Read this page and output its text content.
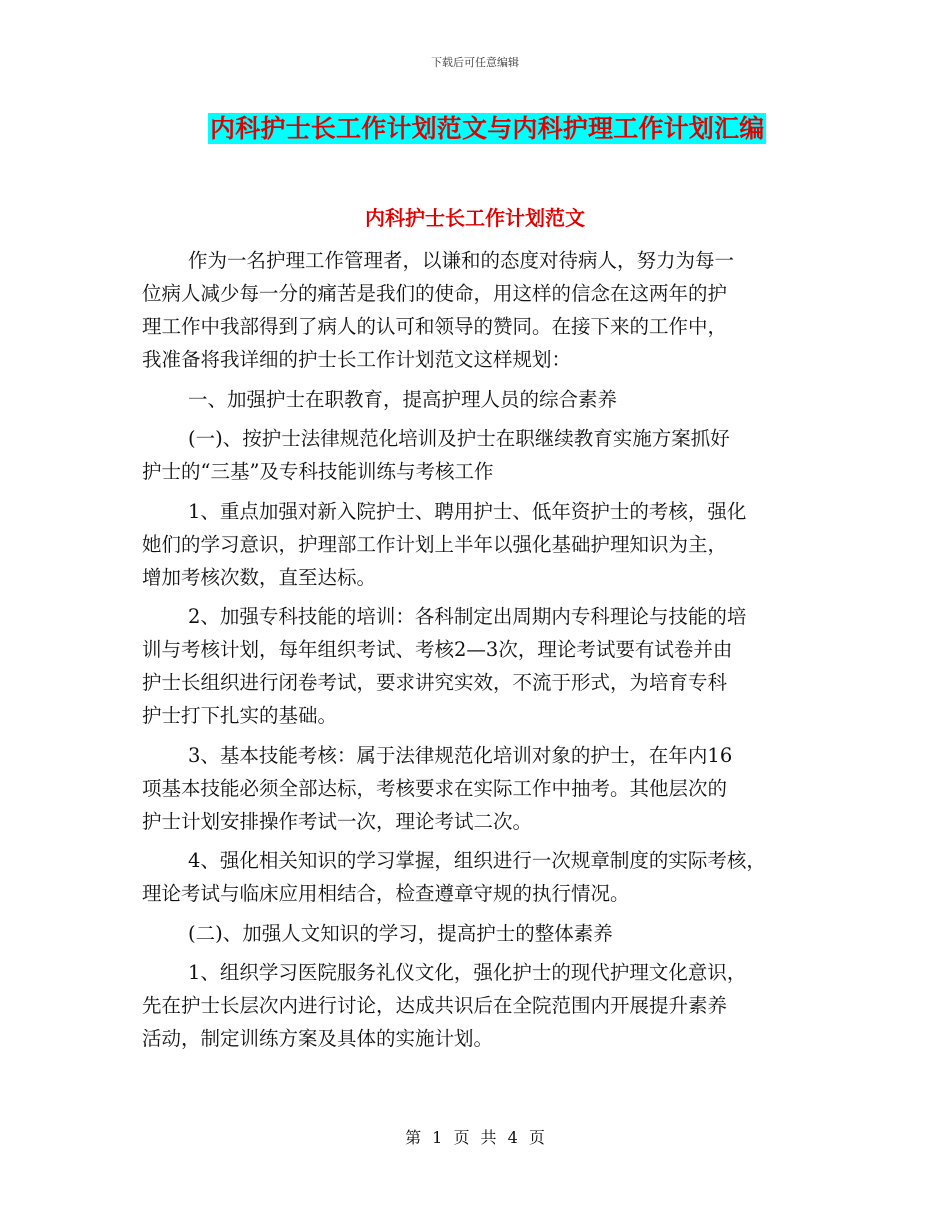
下载后可任意编辑
内科护士长工作计划范文与内科护理工作计划汇编
内科护士长工作计划范文
作为一名护理工作管理者，以谦和的态度对待病人，努力为每一
位病人减少每一分的痛苦是我们的使命，用这样的信念在这两年的护
理工作中我部得到了病人的认可和领导的赞同。在接下来的工作中，
我准备将我详细的护士长工作计划范文这样规划：
一、加强护士在职教育，提高护理人员的综合素养
(一)、按护士法律规范化培训及护士在职继续教育实施方案抓好
护士的“三基”及专科技能训练与考核工作
1、重点加强对新入院护士、聘用护士、低年资护士的考核，强化
她们的学习意识，护理部工作计划上半年以强化基础护理知识为主，
增加考核次数，直至达标。
2、加强专科技能的培训：各科制定出周期内专科理论与技能的培
训与考核计划，每年组织考试、考核2—3次，理论考试要有试卷并由
护士长组织进行闭卷考试，要求讲究实效，不流于形式，为培育专科
护士打下扎实的基础。
3、基本技能考核：属于法律规范化培训对象的护士，在年内16
项基本技能必须全部达标，考核要求在实际工作中抽考。其他层次的
护士计划安排操作考试一次，理论考试二次。
4、强化相关知识的学习掌握，组织进行一次规章制度的实际考核，
理论考试与临床应用相结合，检查遵章守规的执行情况。
(二)、加强人文知识的学习，提高护士的整体素养
1、组织学习医院服务礼仪文化，强化护士的现代护理文化意识，
先在护士长层次内进行讨论，达成共识后在全院范围内开展提升素养
活动，制定训练方案及具体的实施计划。
第 1 页 共 4 页
